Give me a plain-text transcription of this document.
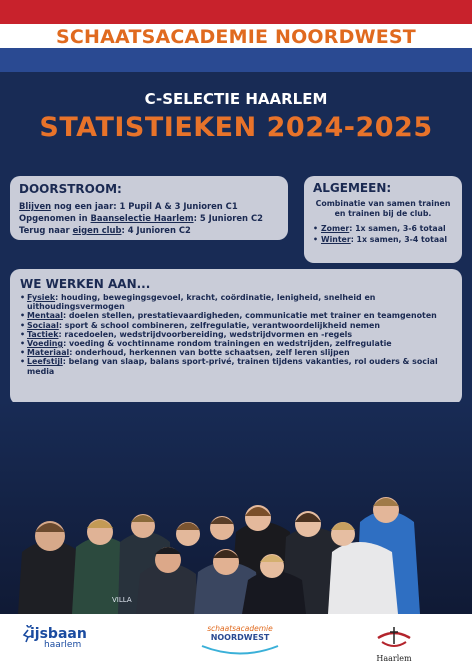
SCHAATSACADEMIE NOORDWEST
C-SELECTIE HAARLEM
STATISTIEKEN 2024-2025
DOORSTROOM:
Blijven nog een jaar: 1 Pupil A & 3 Junioren C1
Opgenomen in Baanselectie Haarlem: 5 Junioren C2
Terug naar eigen club: 4 Junioren C2
ALGEMEEN:
Combinatie van samen trainen en trainen bij de club.
• Zomer: 1x samen, 3-6 totaal
• Winter: 1x samen, 3-4 totaal
WE WERKEN AAN...
• Fysiek: houding, bewegingsgevoel, kracht, coördinatie, lenigheid, snelheid en uithoudingsvermogen
• Mentaal: doelen stellen, prestatievaardigheden, communicatie met trainer en teamgenoten
• Sociaal: sport & school combineren, zelfregulatie, verantwoordelijkheid nemen
• Tactiek: racedoelen, wedstrijdvoorbereiding, wedstrijdvormen en -regels
• Voeding: voeding & vochtinname rondom trainingen en wedstrijden, zelfregulatie
• Materiaal: onderhoud, herkennen van botte schaatsen, zelf leren slijpen
• Leefstijl: belang van slaap, balans sport-privé, trainen tijdens vakanties, rol ouders & social media
VILLA
ijsbaan
haarlem
schaatsacademie
NOORDWEST
Haarlem
